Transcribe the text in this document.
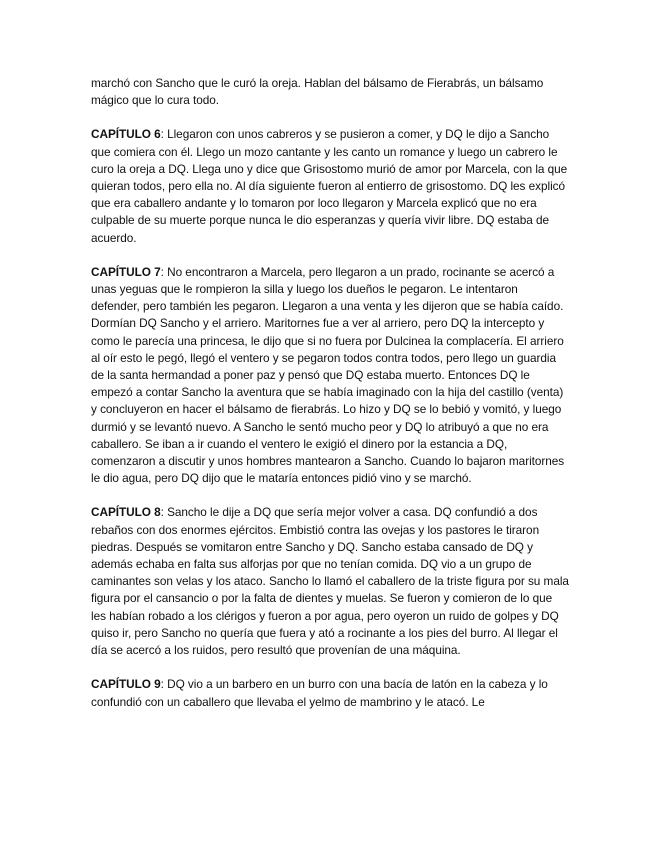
marchó con Sancho que le curó la oreja. Hablan del bálsamo de Fierabrás, un bálsamo mágico que lo cura todo.

CAPÍTULO 6: Llegaron con unos cabreros y se pusieron a comer, y DQ le dijo a Sancho que comiera con él. Llego un mozo cantante y les canto un romance y luego un cabrero le curo la oreja a DQ. Llega uno y dice que Grisostomo murió de amor por Marcela, con la que quieran todos, pero ella no. Al día siguiente fueron al entierro de grisostomo. DQ les explicó que era caballero andante y lo tomaron por loco llegaron y Marcela explicó que no era culpable de su muerte porque nunca le dio esperanzas y quería vivir libre. DQ estaba de acuerdo.

CAPÍTULO 7: No encontraron a Marcela, pero llegaron a un prado, rocinante se acercó a unas yeguas que le rompieron la silla y luego los dueños le pegaron. Le intentaron defender, pero también les pegaron. Llegaron a una venta y les dijeron que se había caído. Dormían DQ Sancho y el arriero. Maritornes fue a ver al arriero, pero DQ la intercepto y como le parecía una princesa, le dijo que si no fuera por Dulcinea la complacería. El arriero al oír esto le pegó, llegó el ventero y se pegaron todos contra todos, pero llego un guardia de la santa hermandad a poner paz y pensó que DQ estaba muerto. Entonces DQ le empezó a contar Sancho la aventura que se había imaginado con la hija del castillo (venta) y concluyeron en hacer el bálsamo de fierabrás. Lo hizo y DQ se lo bebió y vomitó, y luego durmió y se levantó nuevo. A Sancho le sentó mucho peor y DQ lo atribuyó a que no era caballero. Se iban a ir cuando el ventero le exigió el dinero por la estancia a DQ, comenzaron a discutir y unos hombres mantearon a Sancho. Cuando lo bajaron maritornes le dio agua, pero DQ dijo que le mataría entonces pidió vino y se marchó.

CAPÍTULO 8: Sancho le dije a DQ que sería mejor volver a casa. DQ confundió a dos rebaños con dos enormes ejércitos. Embistió contra las ovejas y los pastores le tiraron piedras. Después se vomitaron entre Sancho y DQ. Sancho estaba cansado de DQ y además echaba en falta sus alforjas por que no tenían comida. DQ vio a un grupo de caminantes son velas y los ataco. Sancho lo llamó el caballero de la triste figura por su mala figura por el cansancio o por la falta de dientes y muelas. Se fueron y comieron de lo que les habían robado a los clérigos y fueron a por agua, pero oyeron un ruido de golpes y DQ quiso ir, pero Sancho no quería que fuera y ató a rocinante a los pies del burro. Al llegar el día se acercó a los ruidos, pero resultó que provenían de una máquina.

CAPÍTULO 9: DQ vio a un barbero en un burro con una bacía de latón en la cabeza y lo confundió con un caballero que llevaba el yelmo de mambrino y le atacó. Le
